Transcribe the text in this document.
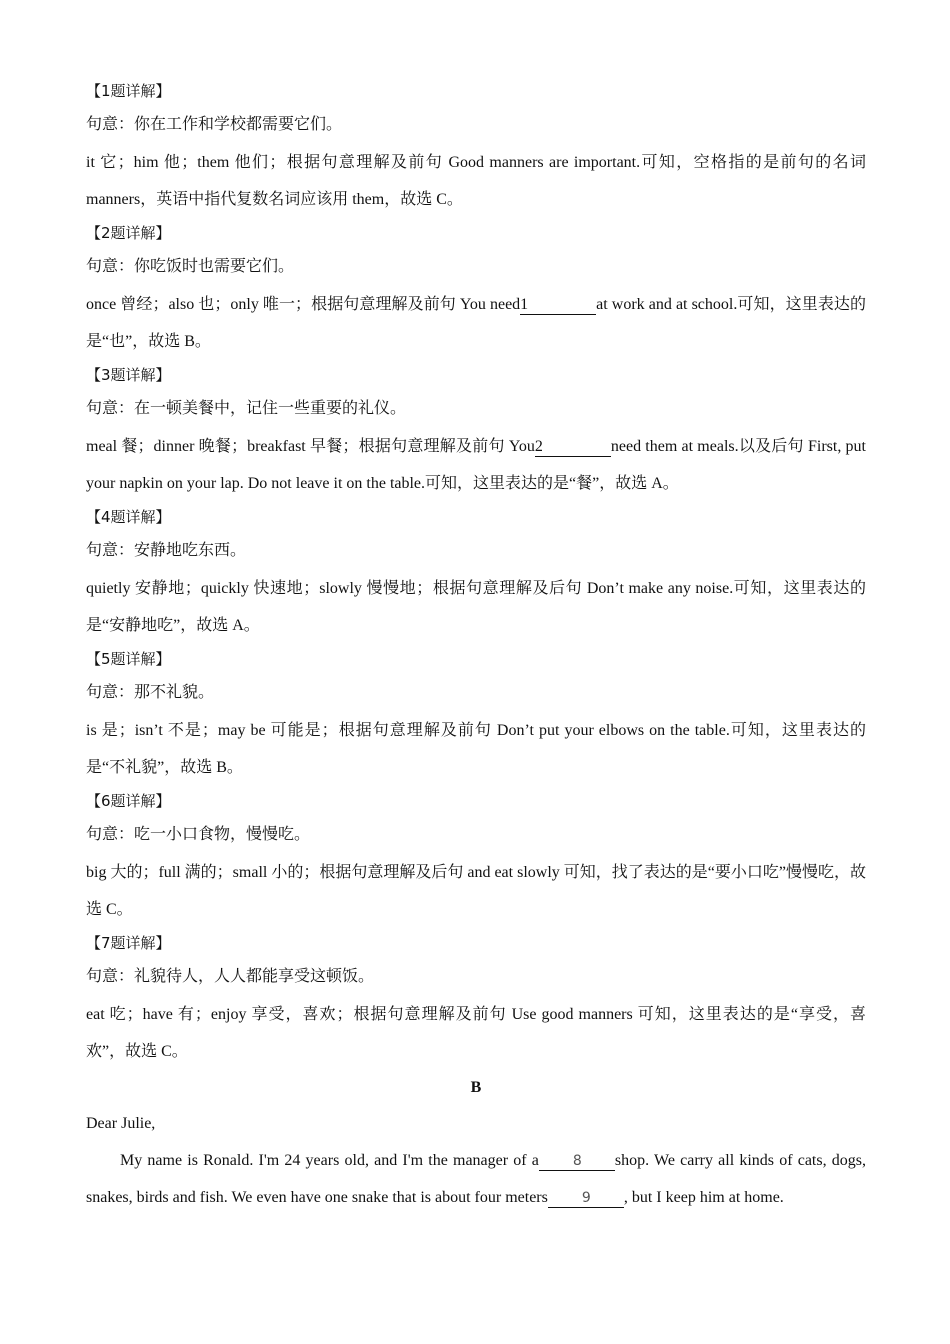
【1题详解】
句意：你在工作和学校都需要它们。
it 它；him 他；them 他们；根据句意理解及前句 Good manners are important.可知，空格指的是前句的名词 manners，英语中指代复数名词应该用 them，故选 C。
【2题详解】
句意：你吃饭时也需要它们。
once 曾经；also 也；only 唯一；根据句意理解及前句 You need1	at work and at school.可知，这里表达的是“也”，故选 B。
【3题详解】
句意：在一顿美餐中，记住一些重要的礼仪。
meal 餐；dinner 晚餐；breakfast 早餐；根据句意理解及前句 You2	need them at meals.以及后句 First, put your napkin on your lap. Do not leave it on the table.可知，这里表达的是“餐”，故选 A。
【4题详解】
句意：安静地吃东西。
quietly 安静地；quickly 快速地；slowly 慢慢地；根据句意理解及后句 Don’t make any noise.可知，这里表达的是“安静地吃”，故选 A。
【5题详解】
句意：那不礼貌。
is 是；isn’t 不是；may be 可能是；根据句意理解及前句 Don’t put your elbows on the table.可知，这里表达的是“不礼貌”，故选 B。
【6题详解】
句意：吃一小口食物，慢慢吃。
big 大的；full 满的；small 小的；根据句意理解及后句 and eat slowly 可知，找了表达的是“要小口吃”慢慢吃，故选 C。
【7题详解】
句意：礼貌待人，人人都能享受这顿饭。
eat 吃；have 有；enjoy 享受，喜欢；根据句意理解及前句 Use good manners 可知，这里表达的是“享受，喜欢”，故选 C。
B
Dear Julie,
My name is Ronald. I'm 24 years old, and I'm the manager of a 8 shop. We carry all kinds of cats, dogs, snakes, birds and fish. We even have one snake that is about four meters 9 , but I keep him at home.
